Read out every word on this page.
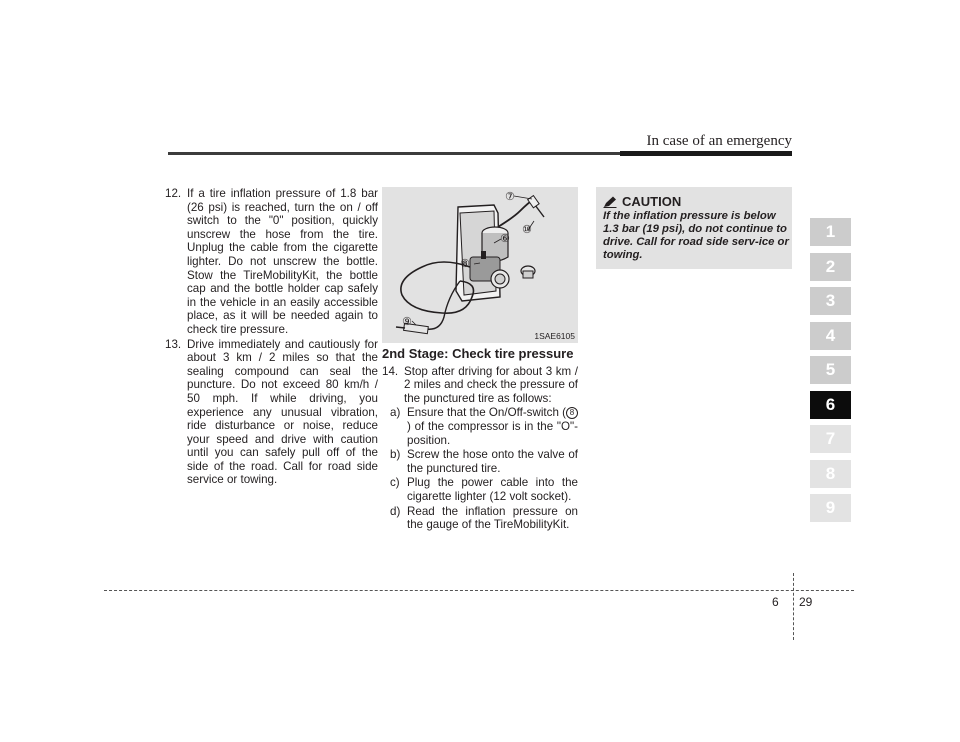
In case of an emergency
12. If a tire inflation pressure of 1.8 bar (26 psi) is reached, turn the on / off switch to the "0" position, quickly unscrew the hose from the tire. Unplug the cable from the cigarette lighter. Do not unscrew the bottle. Stow the TireMobilityKit, the bottle cap and the bottle holder cap safely in the vehicle in an easily accessible place, as it will be needed again to check tire pressure.
13. Drive immediately and cautiously for about 3 km / 2 miles so that the sealing compound can seal the puncture. Do not exceed 80 km/h / 50 mph. If while driving, you experience any unusual vibration, ride disturbance or noise, reduce your speed and drive with caution until you can safely pull off of the side of the road. Call for road side service or towing.
⑦
⑥
⑩
⑧
⑨
1SAE6105
2nd Stage: Check tire pressure
14. Stop after driving for about 3 km / 2 miles and check the pressure of the punctured tire as follows:
a) Ensure that the On/Off-switch ( 8) of the compressor is in the "O"-position.
b) Screw the hose onto the valve of the punctured tire.
c) Plug the power cable into the cigarette lighter (12 volt socket).
d) Read the inflation pressure on the gauge of the TireMobilityKit.
CAUTION
If the inflation pressure is below 1.3 bar (19 psi), do not continue to drive. Call for road side serv-ice or towing.
1
2
3
4
5
6
7
8
9
6 29
